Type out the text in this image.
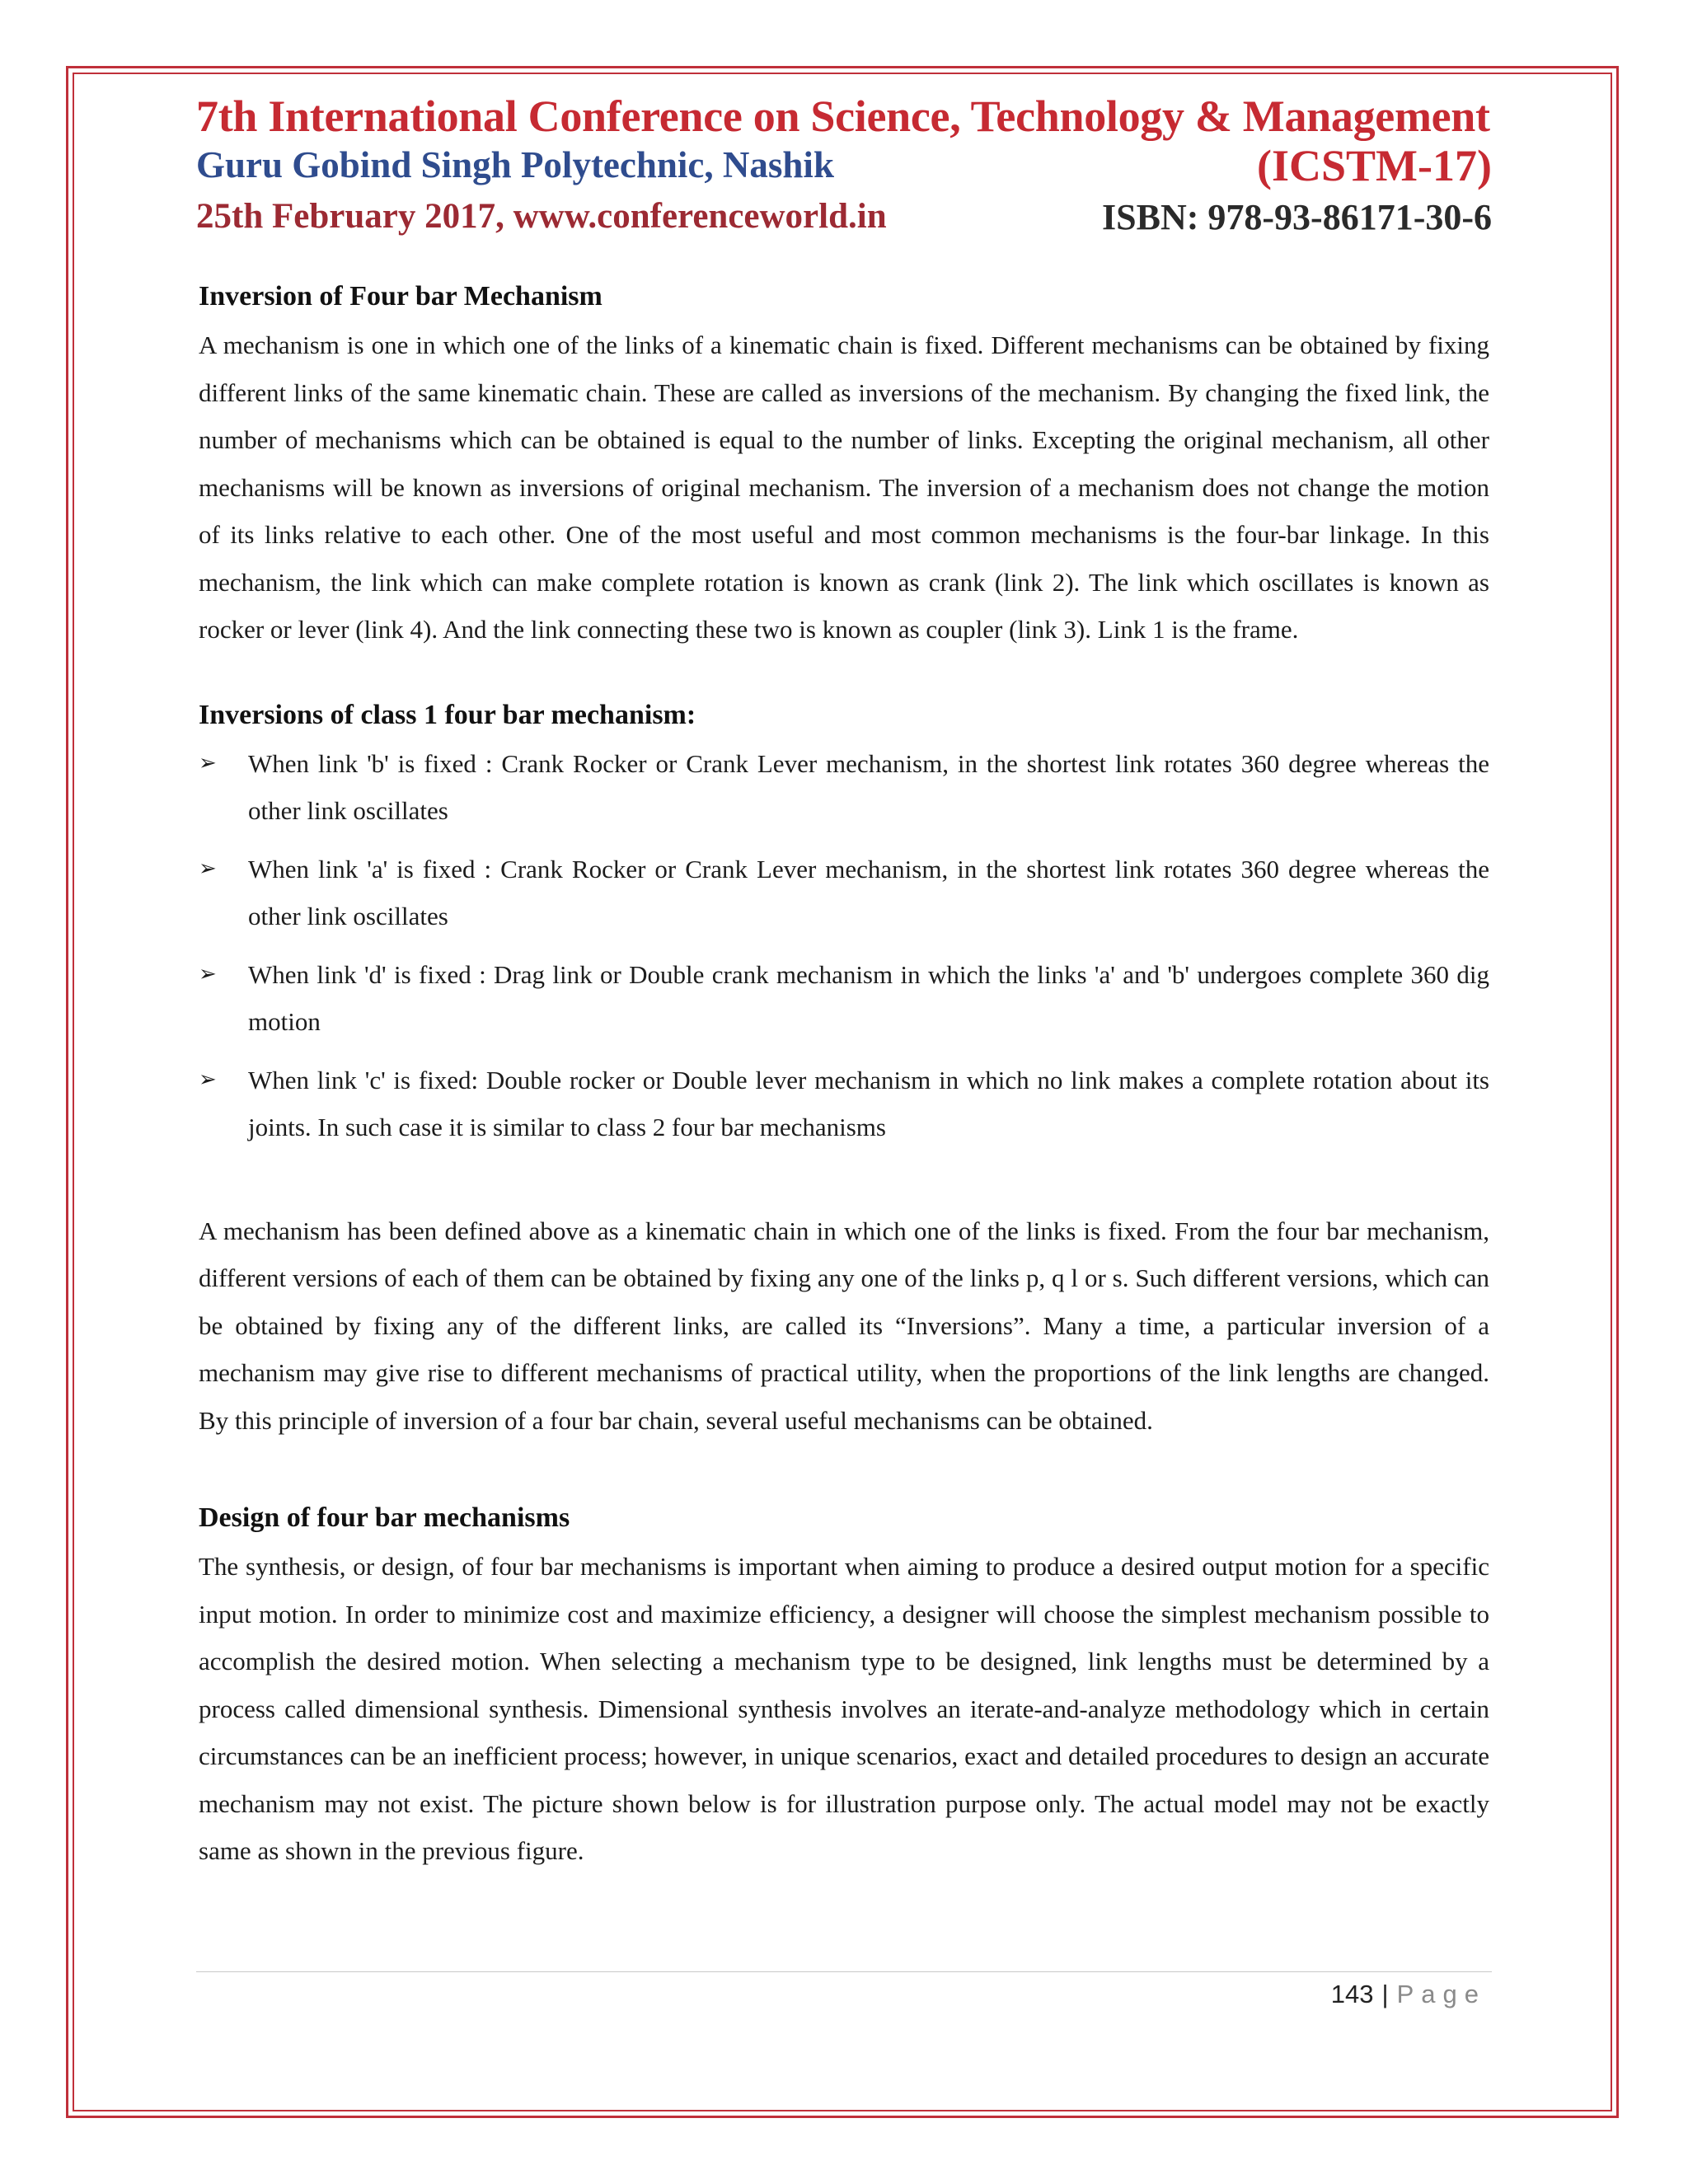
7th International Conference on Science, Technology & Management
Guru Gobind Singh Polytechnic, Nashik	(ICSTM-17)
25th February 2017, www.conferenceworld.in	ISBN: 978-93-86171-30-6
Inversion of Four bar Mechanism

A mechanism is one in which one of the links of a kinematic chain is fixed. Different mechanisms can be obtained by fixing different links of the same kinematic chain. These are called as inversions of the mechanism. By changing the fixed link, the number of mechanisms which can be obtained is equal to the number of links. Excepting the original mechanism, all other mechanisms will be known as inversions of original mechanism. The inversion of a mechanism does not change the motion of its links relative to each other. One of the most useful and most common mechanisms is the four-bar linkage. In this mechanism, the link which can make complete rotation is known as crank (link 2). The link which oscillates is known as rocker or lever (link 4). And the link connecting these two is known as coupler (link 3). Link 1 is the frame.

Inversions of class 1 four bar mechanism:
➢ When link 'b' is fixed : Crank Rocker or Crank Lever mechanism, in the shortest link rotates 360 degree whereas the other link oscillates
➢ When link 'a' is fixed : Crank Rocker or Crank Lever mechanism, in the shortest link rotates 360 degree whereas the other link oscillates
➢ When link 'd' is fixed : Drag link or Double crank mechanism in which the links 'a' and 'b' undergoes complete 360 dig motion
➢ When link 'c' is fixed: Double rocker or Double lever mechanism in which no link makes a complete rotation about its joints. In such case it is similar to class 2 four bar mechanisms

A mechanism has been defined above as a kinematic chain in which one of the links is fixed. From the four bar mechanism, different versions of each of them can be obtained by fixing any one of the links p, q l or s. Such different versions, which can be obtained by fixing any of the different links, are called its “Inversions”. Many a time, a particular inversion of a mechanism may give rise to different mechanisms of practical utility, when the proportions of the link lengths are changed. By this principle of inversion of a four bar chain, several useful mechanisms can be obtained.

Design of four bar mechanisms

The synthesis, or design, of four bar mechanisms is important when aiming to produce a desired output motion for a specific input motion. In order to minimize cost and maximize efficiency, a designer will choose the simplest mechanism possible to accomplish the desired motion. When selecting a mechanism type to be designed, link lengths must be determined by a process called dimensional synthesis. Dimensional synthesis involves an iterate-and-analyze methodology which in certain circumstances can be an inefficient process; however, in unique scenarios, exact and detailed procedures to design an accurate mechanism may not exist. The picture shown below is for illustration purpose only. The actual model may not be exactly same as shown in the previous figure.

143 | Page
